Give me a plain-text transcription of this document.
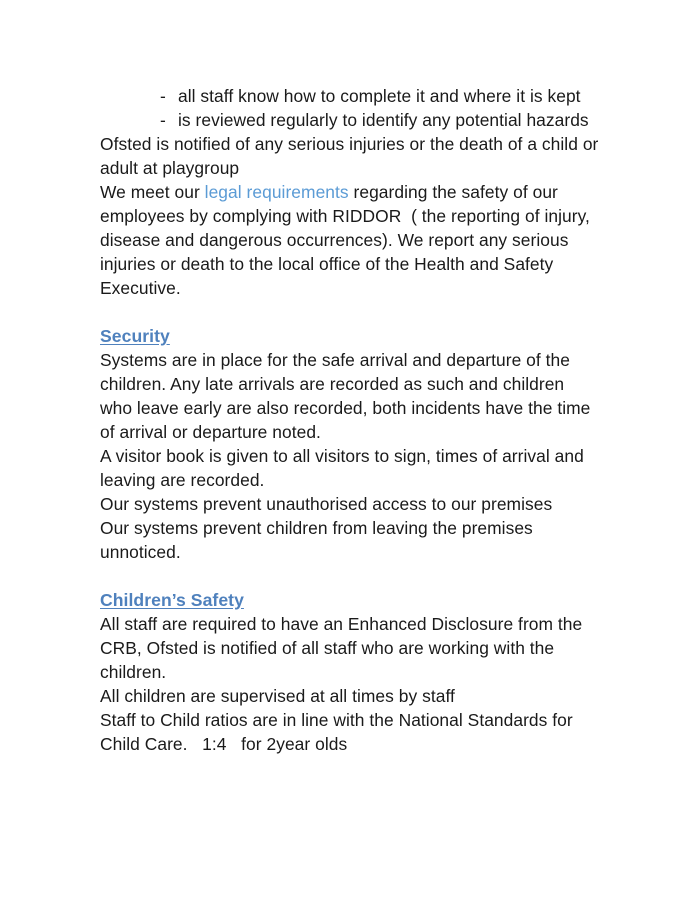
- all staff know how to complete it and where it is kept
- is reviewed regularly to identify any potential hazards

Ofsted is notified of any serious injuries or the death of a child or adult at playgroup

We meet our legal requirements regarding the safety of our employees by complying with RIDDOR  ( the reporting of injury, disease and dangerous occurrences). We report any serious injuries or death to the local office of the Health and Safety Executive.

Security

Systems are in place for the safe arrival and departure of the children. Any late arrivals are recorded as such and children who leave early are also recorded, both incidents have the time of arrival or departure noted.

A visitor book is given to all visitors to sign, times of arrival and leaving are recorded.

Our systems prevent unauthorised access to our premises

Our systems prevent children from leaving the premises unnoticed.

Children’s Safety

All staff are required to have an Enhanced Disclosure from the CRB, Ofsted is notified of all staff who are working with the children.

All children are supervised at all times by staff

Staff to Child ratios are in line with the National Standards for Child Care.   1:4   for 2year olds
